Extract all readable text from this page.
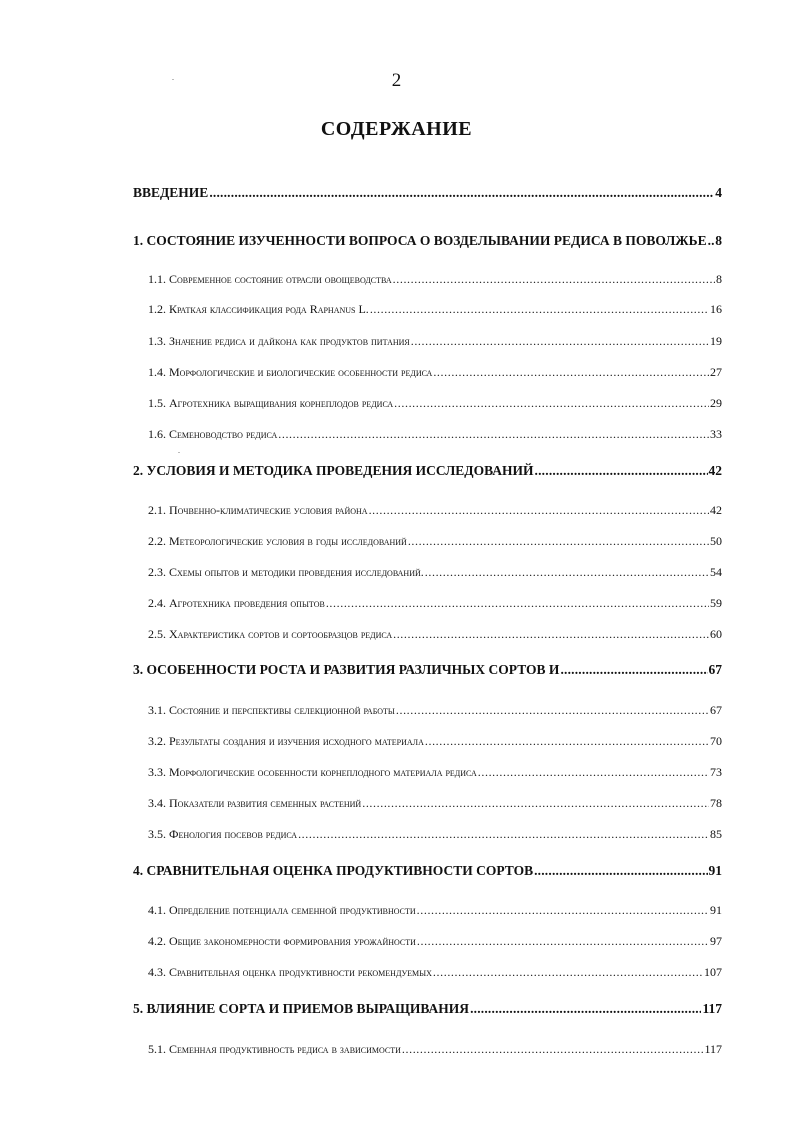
2
СОДЕРЖАНИЕ
ВВЕДЕНИЕ .....	4
1. СОСТОЯНИЕ ИЗУЧЕННОСТИ ВОПРОСА О ВОЗДЕЛЫВАНИИ РЕДИСА В ПОВОЛЖЬЕ ..... 8
1.1. Современное состояние отрасли овощеводства .....	8
1.2. Краткая классификация рода Raphanus L. .....	16
1.3. Значение редиса и дайкона как продуктов питания .....	19
1.4. Морфологические и биологические особенности редиса .....	27
1.5. Агротехника выращивания корнеплодов редиса .....	29
1.6. Семеноводство редиса .....	33
2. УСЛОВИЯ И МЕТОДИКА ПРОВЕДЕНИЯ ИССЛЕДОВАНИЙ .....	42
2.1. Почвенно-климатические условия района .....	42
2.2. Метеорологические условия в годы исследований .....	50
2.3. Схемы опытов и методики проведения исследований. .....	54
2.4. Агротехника проведения опытов .....	59
2.5. Характеристика сортов и сортообразцов редиса .....	60
3. ОСОБЕННОСТИ РОСТА И РАЗВИТИЯ РАЗЛИЧНЫХ СОРТОВ И .....	67
3.1. Состояние и перспективы селекционной работы .....	67
3.2. Результаты создания и изучения исходного материала .....	70
3.3. Морфологические особенности корнеплодного материала редиса .....	73
3.4. Показатели развития семенных растений .....	78
3.5. Фенология посевов редиса .....	85
4. СРАВНИТЕЛЬНАЯ ОЦЕНКА ПРОДУКТИВНОСТИ СОРТОВ .....	91
4.1. Определение потенциала семенной продуктивности .....	91
4.2. Общие закономерности формирования урожайности .....	97
4.3. Сравнительная оценка продуктивности рекомендуемых .....	107
5. ВЛИЯНИЕ СОРТА И ПРИЕМОВ ВЫРАЩИВАНИЯ .....	117
5.1. Семенная продуктивность редиса в зависимости .....	117
